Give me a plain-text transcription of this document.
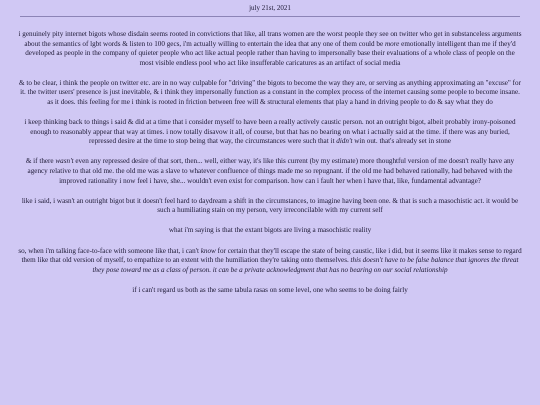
july 21st, 2021

i genuinely pity internet bigots whose disdain seems rooted in convictions that like, all trans women are the worst people they see on twitter who get in substanceless arguments about the semantics of lgbt words & listen to 100 gecs, i'm actually willing to entertain the idea that any one of them could be more emotionally intelligent than me if they'd developed as people in the company of quieter people who act like actual people rather than having to impersonally base their evaluations of a whole class of people on the most visible endless pool who act like insufferable caricatures as an artifact of social media

& to be clear, i think the people on twitter etc. are in no way culpable for "driving" the bigots to become the way they are, or serving as anything approximating an "excuse" for it. the twitter users' presence is just inevitable, & i think they impersonally function as a constant in the complex process of the internet causing some people to become insane. as it does. this feeling for me i think is rooted in friction between free will & structural elements that play a hand in driving people to do & say what they do

i keep thinking back to things i said & did at a time that i consider myself to have been a really actively caustic person. not an outright bigot, albeit probably irony-poisoned enough to reasonably appear that way at times. i now totally disavow it all, of course, but that has no bearing on what i actually said at the time. if there was any buried, repressed desire at the time to stop being that way, the circumstances were such that it didn't win out. that's already set in stone

& if there wasn't even any repressed desire of that sort, then... well, either way, it's like this current (by my estimate) more thoughtful version of me doesn't really have any agency relative to that old me. the old me was a slave to whatever confluence of things made me so repugnant. if the old me had behaved rationally, had behaved with the improved rationality i now feel i have, she... wouldn't even exist for comparison. how can i fault her when i have that, like, fundamental advantage?

like i said, i wasn't an outright bigot but it doesn't feel hard to daydream a shift in the circumstances, to imagine having been one. & that is such a masochistic act. it would be such a humiliating stain on my person, very irreconcilable with my current self

what i'm saying is that the extant bigots are living a masochistic reality

so, when i'm talking face-to-face with someone like that, i can't know for certain that they'll escape the state of being caustic, like i did, but it seems like it makes sense to regard them like that old version of myself, to empathize to an extent with the humiliation they're taking onto themselves. this doesn't have to be false balance that ignores the threat they pose toward me as a class of person. it can be a private acknowledgment that has no bearing on our social relationship

if i can't regard us both as the same tabula rasas on some level, one who seems to be doing fairly
